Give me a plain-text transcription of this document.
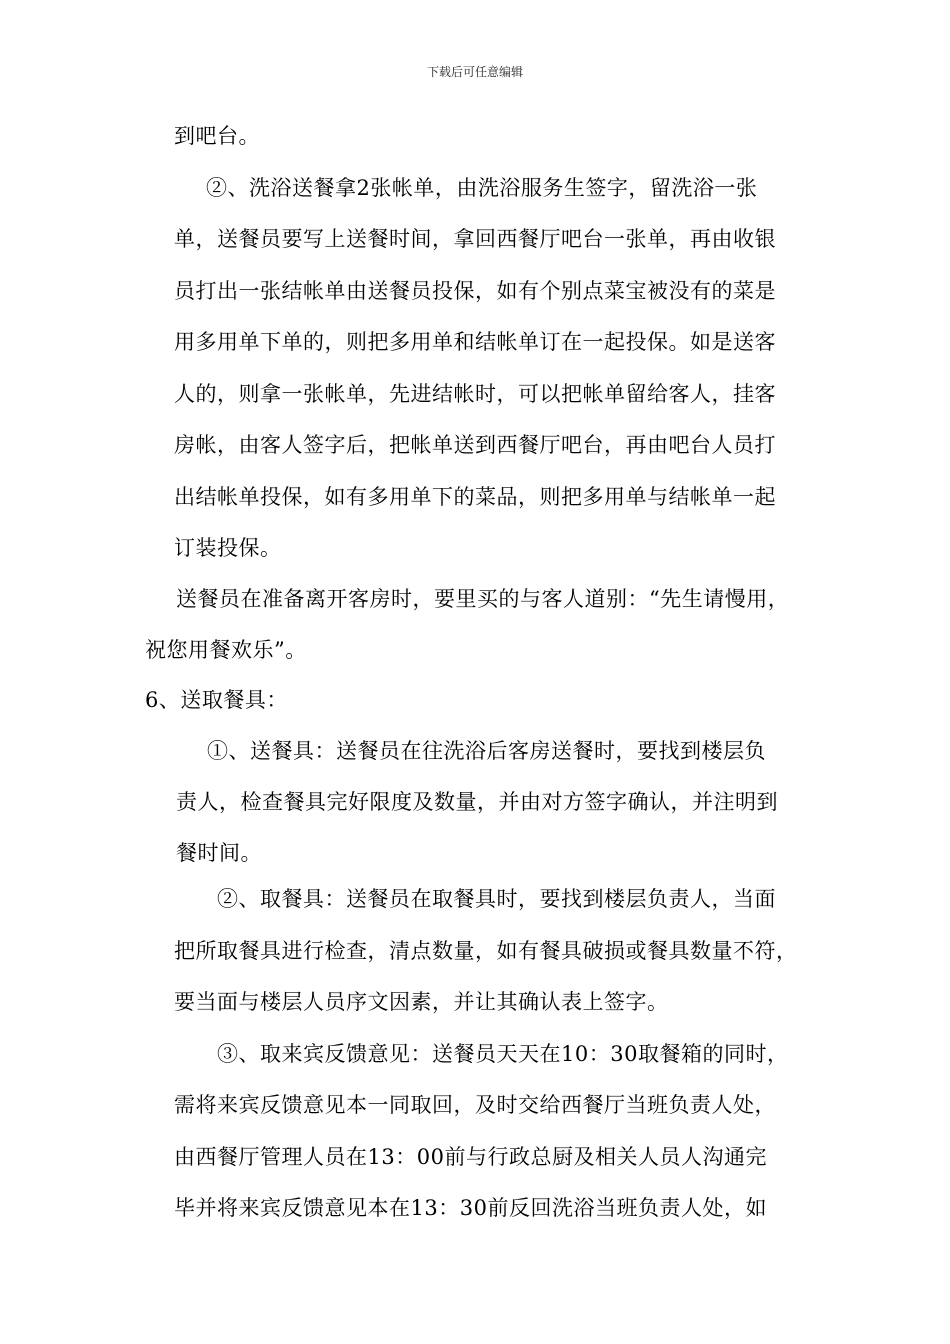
下载后可任意编辑
到吧台。
②、洗浴送餐拿2张帐单，由洗浴服务生签字，留洗浴一张
单，送餐员要写上送餐时间，拿回西餐厅吧台一张单，再由收银
员打出一张结帐单由送餐员投保，如有个别点菜宝被没有的菜是
用多用单下单的，则把多用单和结帐单订在一起投保。如是送客
人的，则拿一张帐单，先进结帐时，可以把帐单留给客人，挂客
房帐，由客人签字后，把帐单送到西餐厅吧台，再由吧台人员打
出结帐单投保，如有多用单下的菜品，则把多用单与结帐单一起
订装投保。
送餐员在准备离开客房时，要里买的与客人道别：“先生请慢用，
祝您用餐欢乐”。
6、送取餐具：
①、送餐具：送餐员在往洗浴后客房送餐时，要找到楼层负
责人，检查餐具完好限度及数量，并由对方签字确认，并注明到
餐时间。
②、取餐具：送餐员在取餐具时，要找到楼层负责人，当面
把所取餐具进行检查，清点数量，如有餐具破损或餐具数量不符，
要当面与楼层人员序文因素，并让其确认表上签字。
③、取来宾反馈意见：送餐员天天在10：30取餐箱的同时，
需将来宾反馈意见本一同取回，及时交给西餐厅当班负责人处，
由西餐厅管理人员在13：00前与行政总厨及相关人员人沟通完
毕并将来宾反馈意见本在13：30前反回洗浴当班负责人处，如
